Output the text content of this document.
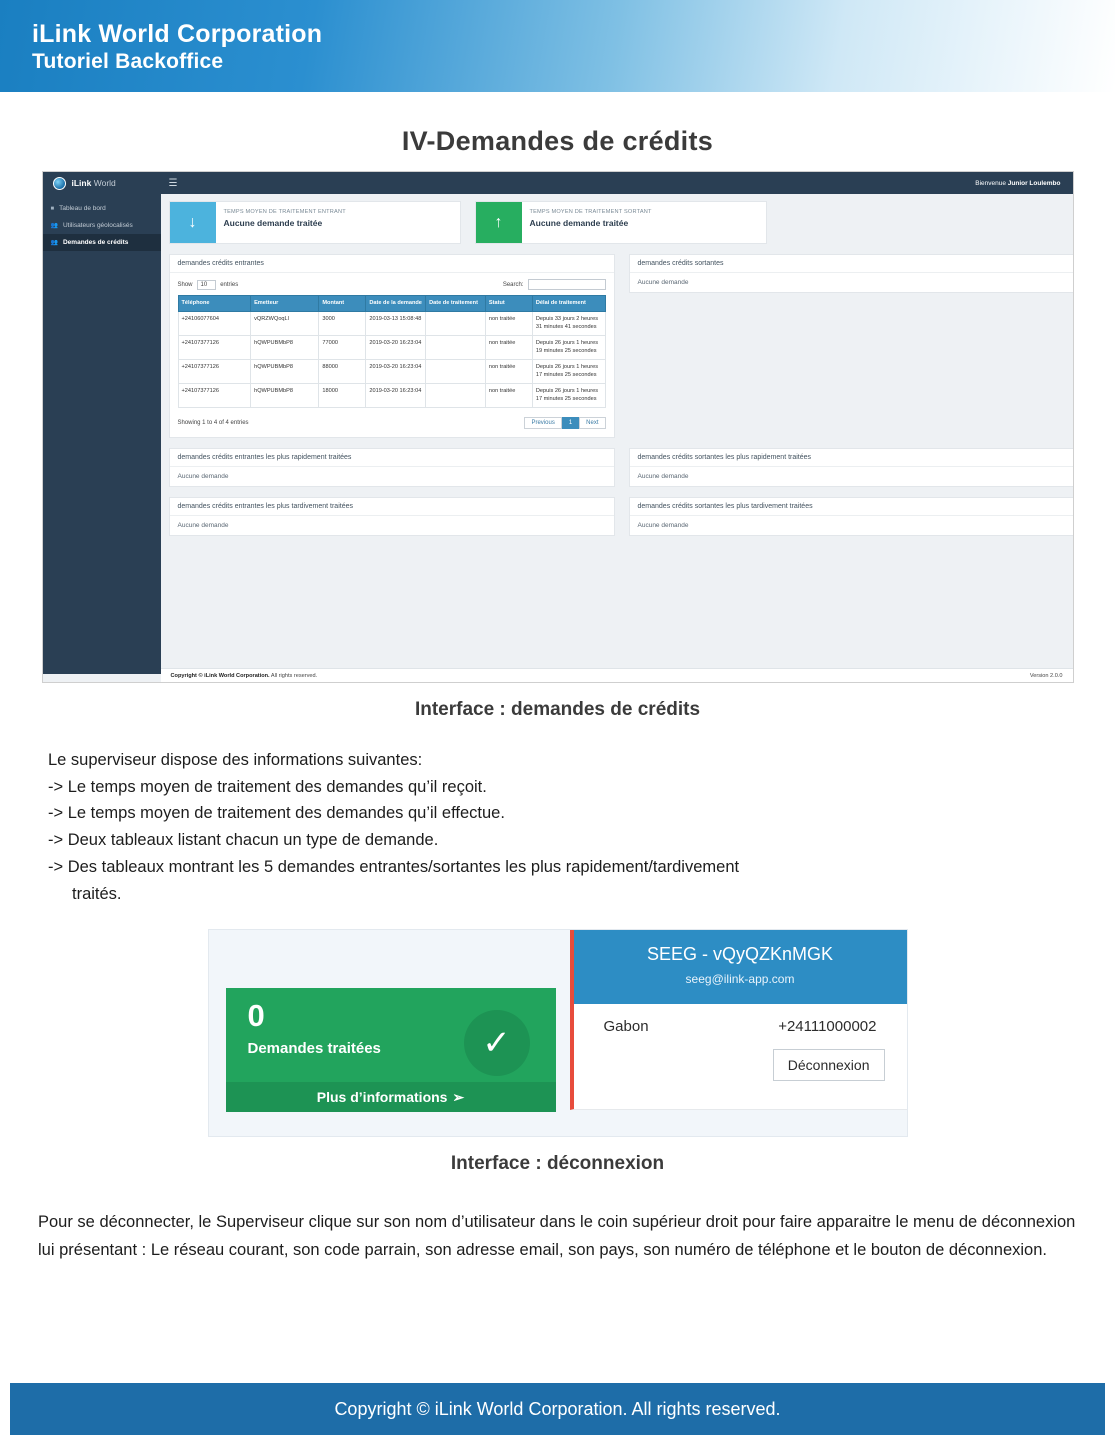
iLink World Corporation
Tutoriel Backoffice
IV-Demandes de crédits
iLink World	☰	Bienvenue Junior Loulembo
■ Tableau de bord
👥 Utilisateurs géolocalisés
👥 Demandes de crédits
↓
TEMPS MOYEN DE TRAITEMENT ENTRANT
Aucune demande traitée	↑
TEMPS MOYEN DE TRAITEMENT SORTANT
Aucune demande traitée
demandes crédits entrantes
Show	10	entries	Search:
Téléphone	Emetteur	Montant	Date de la demande	Date de traitement	Statut	Délai de traitement
+24106077604	vQRZWQoqLl	3000	2019-03-13 15:08:48		non traitée	Depuis 33 jours 2 heures 31 minutes 41 secondes
+24107377126	hQWPUBMbP8	77000	2019-03-20 16:23:04		non traitée	Depuis 26 jours 1 heures 19 minutes 25 secondes
+24107377126	hQWPUBMbP8	88000	2019-03-20 16:23:04		non traitée	Depuis 26 jours 1 heures 17 minutes 25 secondes
+24107377126	hQWPUBMbP8	18000	2019-03-20 16:23:04		non traitée	Depuis 26 jours 1 heures 17 minutes 25 secondes
Showing 1 to 4 of 4 entries	Previous	1	Next
demandes crédits sortantes
Aucune demande
demandes crédits entrantes les plus rapidement traitées
Aucune demande
demandes crédits sortantes les plus rapidement traitées
Aucune demande
demandes crédits entrantes les plus tardivement traitées
Aucune demande
demandes crédits sortantes les plus tardivement traitées
Aucune demande
Copyright © iLink World Corporation. All rights reserved.	Version 2.0.0
Interface : demandes de crédits
Le superviseur dispose des informations suivantes:
-> Le temps moyen de traitement des demandes qu’il reçoit.
-> Le temps moyen de traitement des demandes qu’il effectue.
-> Deux tableaux listant chacun un type de demande.
-> Des tableaux montrant les 5 demandes entrantes/sortantes les plus rapidement/tardivement
traités.
0
Demandes traitées	✓
Plus d’informations ➢
SEEG - vQyQZKnMGK
seeg@ilink-app.com
Gabon	+24111000002
Déconnexion
Interface : déconnexion
Pour se déconnecter, le Superviseur clique sur son nom d’utilisateur dans le coin supérieur droit pour faire apparaitre le menu de déconnexion lui présentant : Le réseau courant, son code parrain, son adresse email, son pays, son numéro de téléphone et le bouton de déconnexion.
Copyright © iLink World Corporation. All rights reserved.
